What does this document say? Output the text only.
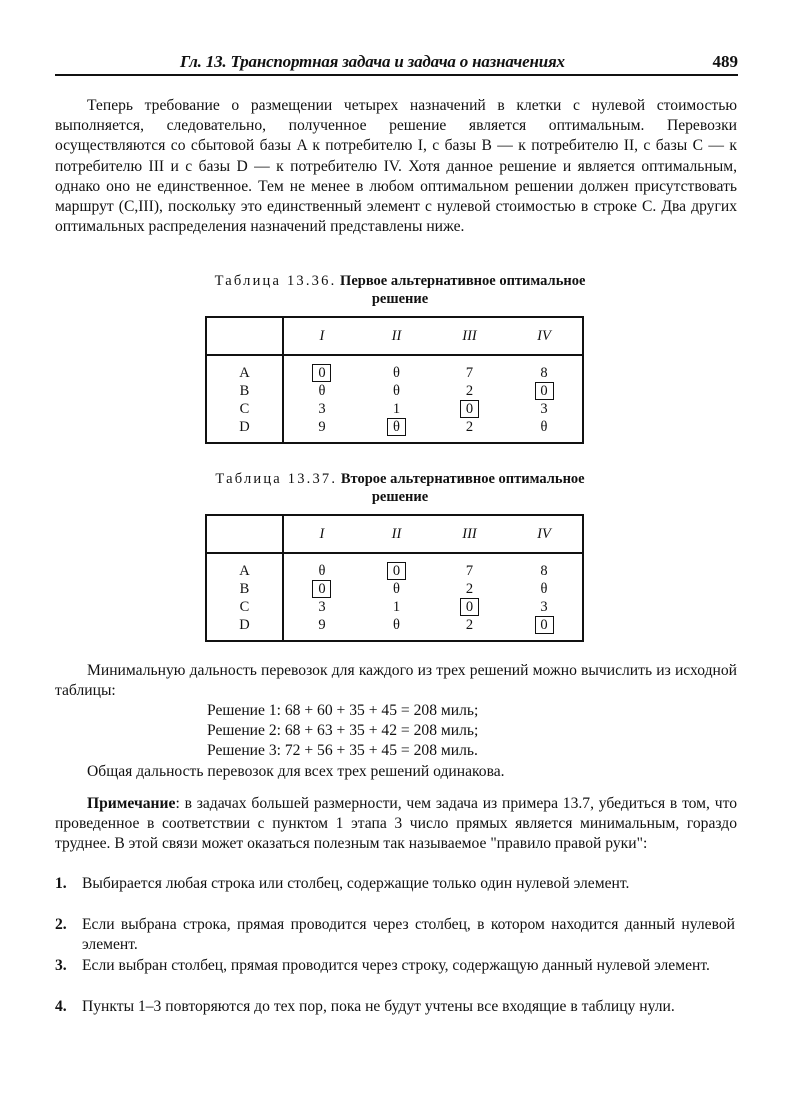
Гл. 13. Транспортная задача и задача о назначениях	489

Теперь требование о размещении четырех назначений в клетки с нулевой стоимостью выполняется, следовательно, полученное решение является оптимальным. Перевозки осуществляются со сбытовой базы A к потребителю I, с базы B — к потребителю II, с базы C — к потребителю III и с базы D — к потребителю IV. Хотя данное решение и является оптимальным, однако оно не единственное. Тем не менее в любом оптимальном решении должен присутствовать маршрут (C,III), поскольку это единственный элемент с нулевой стоимостью в строке C. Два других оптимальных распределения назначений представлены ниже.

Таблица 13.36. Первое альтернативное оптимальное решение
	I	II	III	IV
A	0	θ	7	8
B	θ	θ	2	0
C	3	1	0	3
D	9	θ	2	θ
Таблица 13.37. Второе альтернативное оптимальное решение
	I	II	III	IV
A	θ	0	7	8
B	0	θ	2	θ
C	3	1	0	3
D	9	θ	2	0

Минимальную дальность перевозок для каждого из трех решений можно вычислить из исходной таблицы:

Решение 1: 68 + 60 + 35 + 45 = 208 миль;
Решение 2: 68 + 63 + 35 + 42 = 208 миль;
Решение 3: 72 + 56 + 35 + 45 = 208 миль.

Общая дальность перевозок для всех трех решений одинакова.

Примечание: в задачах большей размерности, чем задача из примера 13.7, убедиться в том, что проведенное в соответствии с пунктом 1 этапа 3 число прямых является минимальным, гораздо труднее. В этой связи может оказаться полезным так называемое "правило правой руки":

1. Выбирается любая строка или столбец, содержащие только один нулевой элемент.
2. Если выбрана строка, прямая проводится через столбец, в котором находится данный нулевой элемент.
3. Если выбран столбец, прямая проводится через строку, содержащую данный нулевой элемент.
4. Пункты 1–3 повторяются до тех пор, пока не будут учтены все входящие в таблицу нули.
